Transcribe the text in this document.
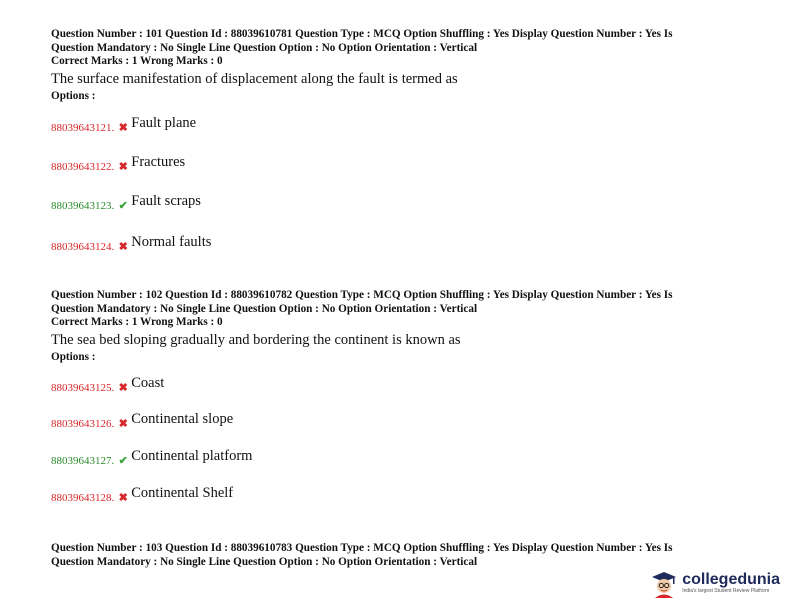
Question Number : 101 Question Id : 88039610781 Question Type : MCQ Option Shuffling : Yes Display Question Number : Yes Is
Question Mandatory : No Single Line Question Option : No Option Orientation : Vertical
Correct Marks : 1 Wrong Marks : 0
The surface manifestation of displacement along the fault is termed as
Options :
88039643121. ✖ Fault plane
88039643122. ✖ Fractures
88039643123. ✔ Fault scraps
88039643124. ✖ Normal faults
Question Number : 102 Question Id : 88039610782 Question Type : MCQ Option Shuffling : Yes Display Question Number : Yes Is
Question Mandatory : No Single Line Question Option : No Option Orientation : Vertical
Correct Marks : 1 Wrong Marks : 0
The sea bed sloping gradually and bordering the continent is known as
Options :
88039643125. ✖ Coast
88039643126. ✖ Continental slope
88039643127. ✔ Continental platform
88039643128. ✖ Continental Shelf
Question Number : 103 Question Id : 88039610783 Question Type : MCQ Option Shuffling : Yes Display Question Number : Yes Is
Question Mandatory : No Single Line Question Option : No Option Orientation : Vertical
collegedunia
India's largest Student Review Platform
